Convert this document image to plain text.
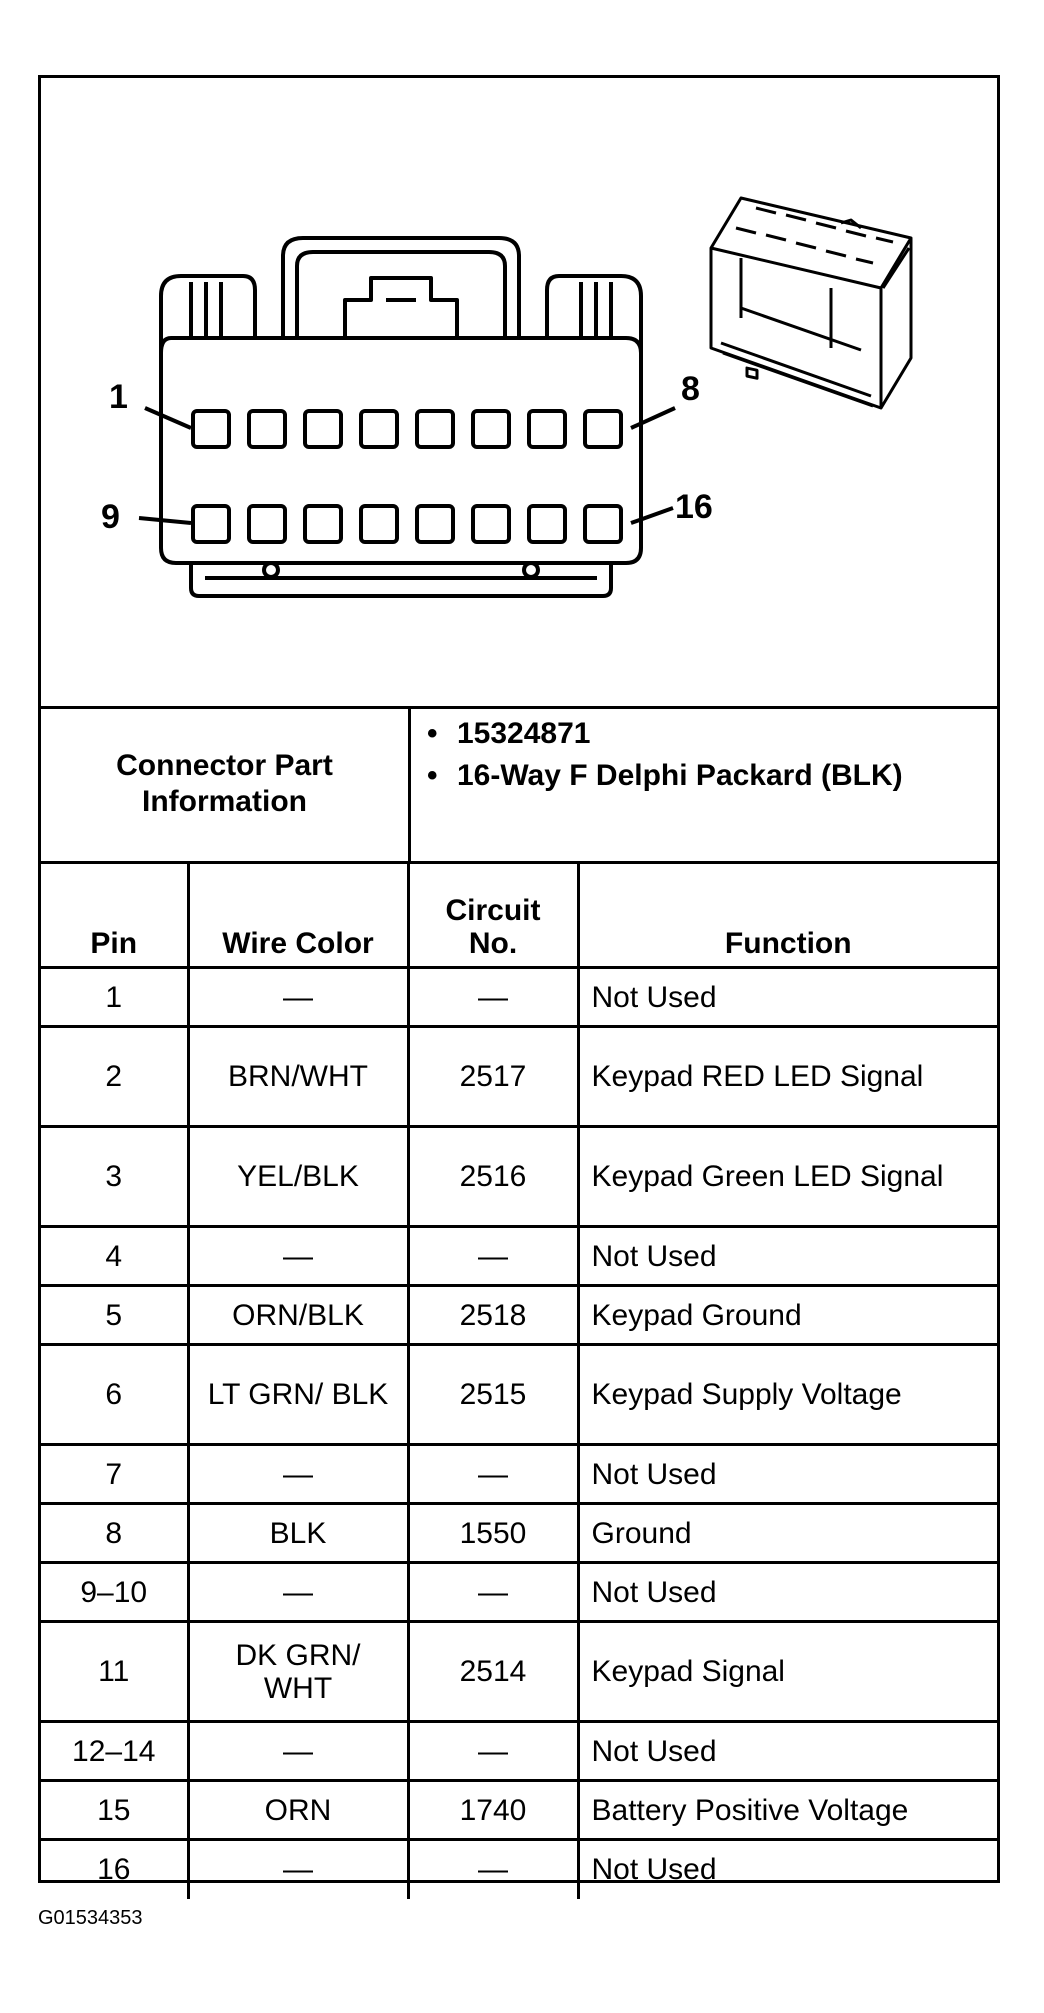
1	8
9	16
Connector Part
Information
• 15324871
• 16-Way F Delphi Packard (BLK)
Pin	Wire Color	Circuit No.	Function
1	—	—	Not Used
2	BRN/WHT	2517	Keypad RED LED Signal
3	YEL/BLK	2516	Keypad Green LED Signal
4	—	—	Not Used
5	ORN/BLK	2518	Keypad Ground
6	LT GRN/ BLK	2515	Keypad Supply Voltage
7	—	—	Not Used
8	BLK	1550	Ground
9–10	—	—	Not Used
11	DK GRN/ WHT	2514	Keypad Signal
12–14	—	—	Not Used
15	ORN	1740	Battery Positive Voltage
16	—	—	Not Used
G01534353
